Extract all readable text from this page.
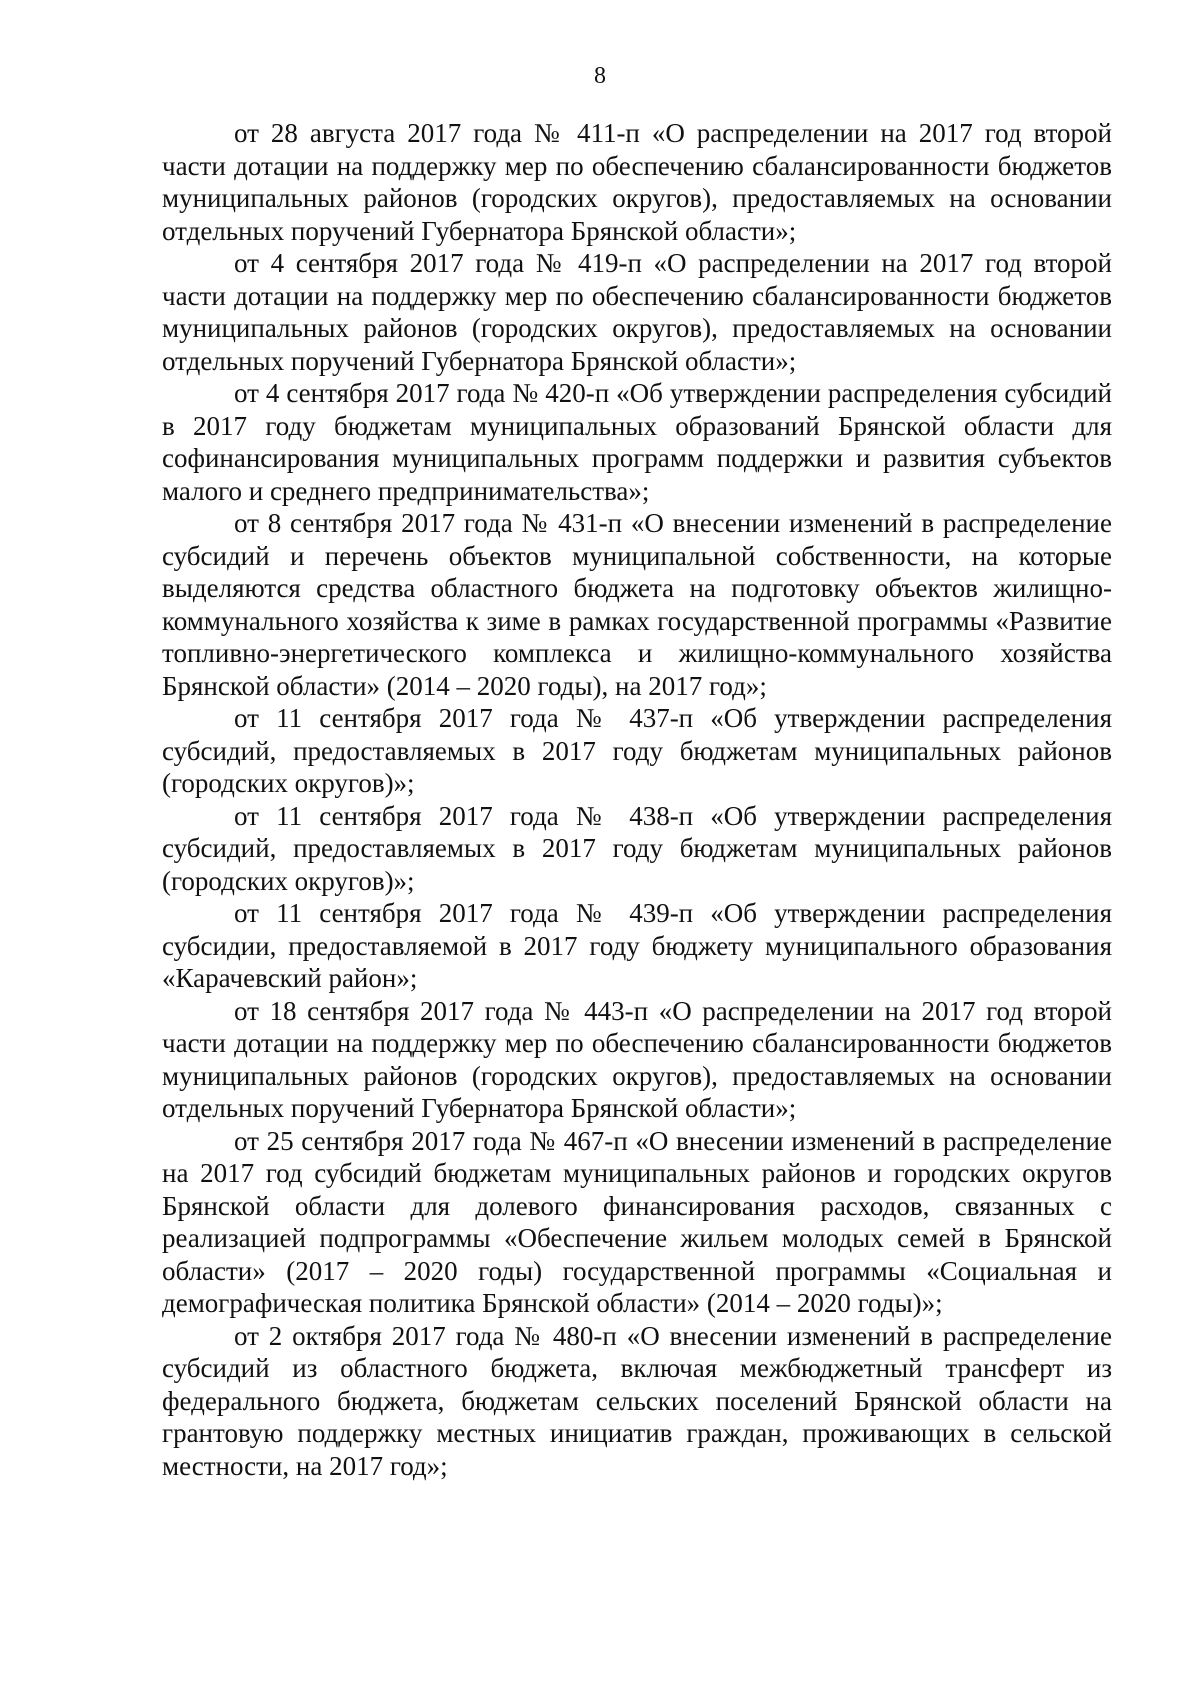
8

от 28 августа 2017 года № 411-п «О распределении на 2017 год второй части дотации на поддержку мер по обеспечению сбалансированности бюджетов муниципальных районов (городских округов), предоставляемых на основании отдельных поручений Губернатора Брянской области»;

от 4 сентября 2017 года № 419-п «О распределении на 2017 год второй части дотации на поддержку мер по обеспечению сбалансированности бюджетов муниципальных районов (городских округов), предоставляемых на основании отдельных поручений Губернатора Брянской области»;

от 4 сентября 2017 года № 420-п «Об утверждении распределения субсидий в 2017 году бюджетам муниципальных образований Брянской области для софинансирования муниципальных программ поддержки и развития субъектов малого и среднего предпринимательства»;

от 8 сентября 2017 года № 431-п «О внесении изменений в распределение субсидий и перечень объектов муниципальной собственности, на которые выделяются средства областного бюджета на подготовку объектов жилищно-коммунального хозяйства к зиме в рамках государственной программы «Развитие топливно-энергетического комплекса и жилищно-коммунального хозяйства Брянской области» (2014 – 2020 годы), на 2017 год»;

от 11 сентября 2017 года № 437-п «Об утверждении распределения субсидий, предоставляемых в 2017 году бюджетам муниципальных районов (городских округов)»;

от 11 сентября 2017 года № 438-п «Об утверждении распределения субсидий, предоставляемых в 2017 году бюджетам муниципальных районов (городских округов)»;

от 11 сентября 2017 года № 439-п «Об утверждении распределения субсидии, предоставляемой в 2017 году бюджету муниципального образования «Карачевский район»;

от 18 сентября 2017 года № 443-п «О распределении на 2017 год второй части дотации на поддержку мер по обеспечению сбалансированности бюджетов муниципальных районов (городских округов), предоставляемых на основании отдельных поручений Губернатора Брянской области»;

от 25 сентября 2017 года № 467-п «О внесении изменений в распределение на 2017 год субсидий бюджетам муниципальных районов и городских округов Брянской области для долевого финансирования расходов, связанных с реализацией подпрограммы «Обеспечение жильем молодых семей в Брянской области» (2017 – 2020 годы) государственной программы «Социальная и демографическая политика Брянской области» (2014 – 2020 годы)»;

от 2 октября 2017 года № 480-п «О внесении изменений в распределение субсидий из областного бюджета, включая межбюджетный трансферт из федерального бюджета, бюджетам сельских поселений Брянской области на грантовую поддержку местных инициатив граждан, проживающих в сельской местности, на 2017 год»;
